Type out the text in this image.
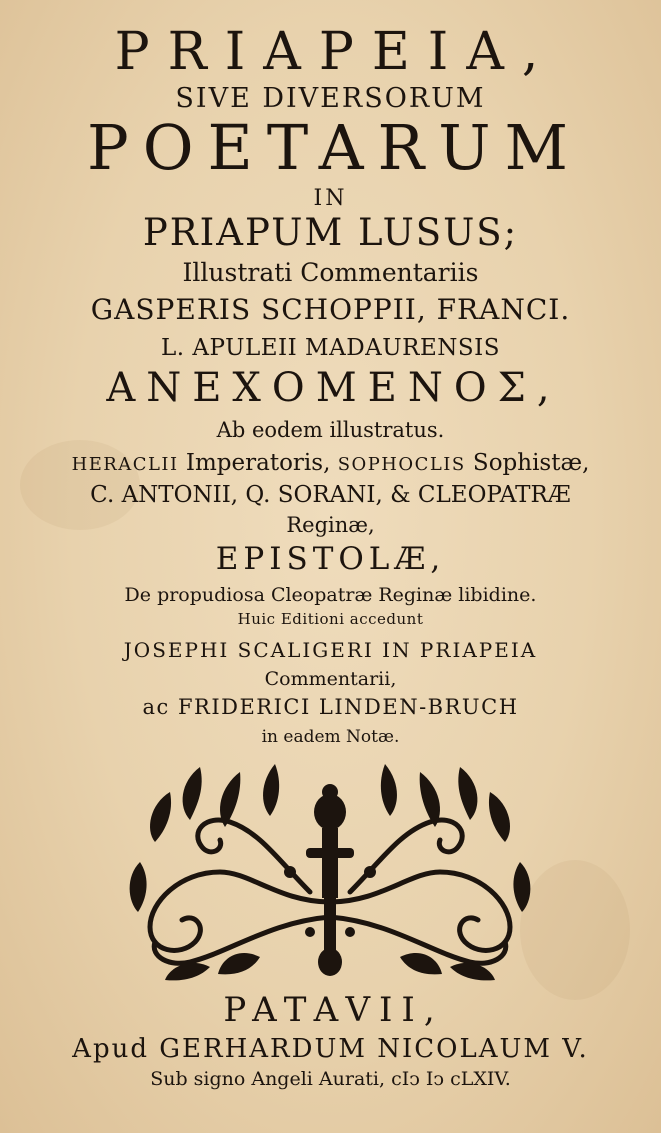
PRIAPEIA,
SIVE DIVERSORUM
POETARUM
IN
PRIAPUM LUSUS;
Illustrati Commentariis
GASPERIS SCHOPPII, FRANCI.
L. APULEII MADAURENSIS
ΑΝΕΧΟΜΕΝΟΣ,
Ab eodem illustratus.
HERACLII Imperatoris, SOPHOCLIS Sophistæ,
C. ANTONII, Q. SORANI, & CLEOPATRÆ
Reginæ,
EPISTOLÆ,
De propudiosa Cleopatræ Reginæ libidine.
Huic Editioni accedunt
JOSEPHI SCALIGERI IN PRIAPEIA
Commentarii,
ac FRIDERICI LINDEN-BRUCH
in eadem Notæ.
PATAVII,
Apud GERHARDUM NICOLAUM V.
Sub signo Angeli Aurati, cIↄ Iↄ cLXIV.
